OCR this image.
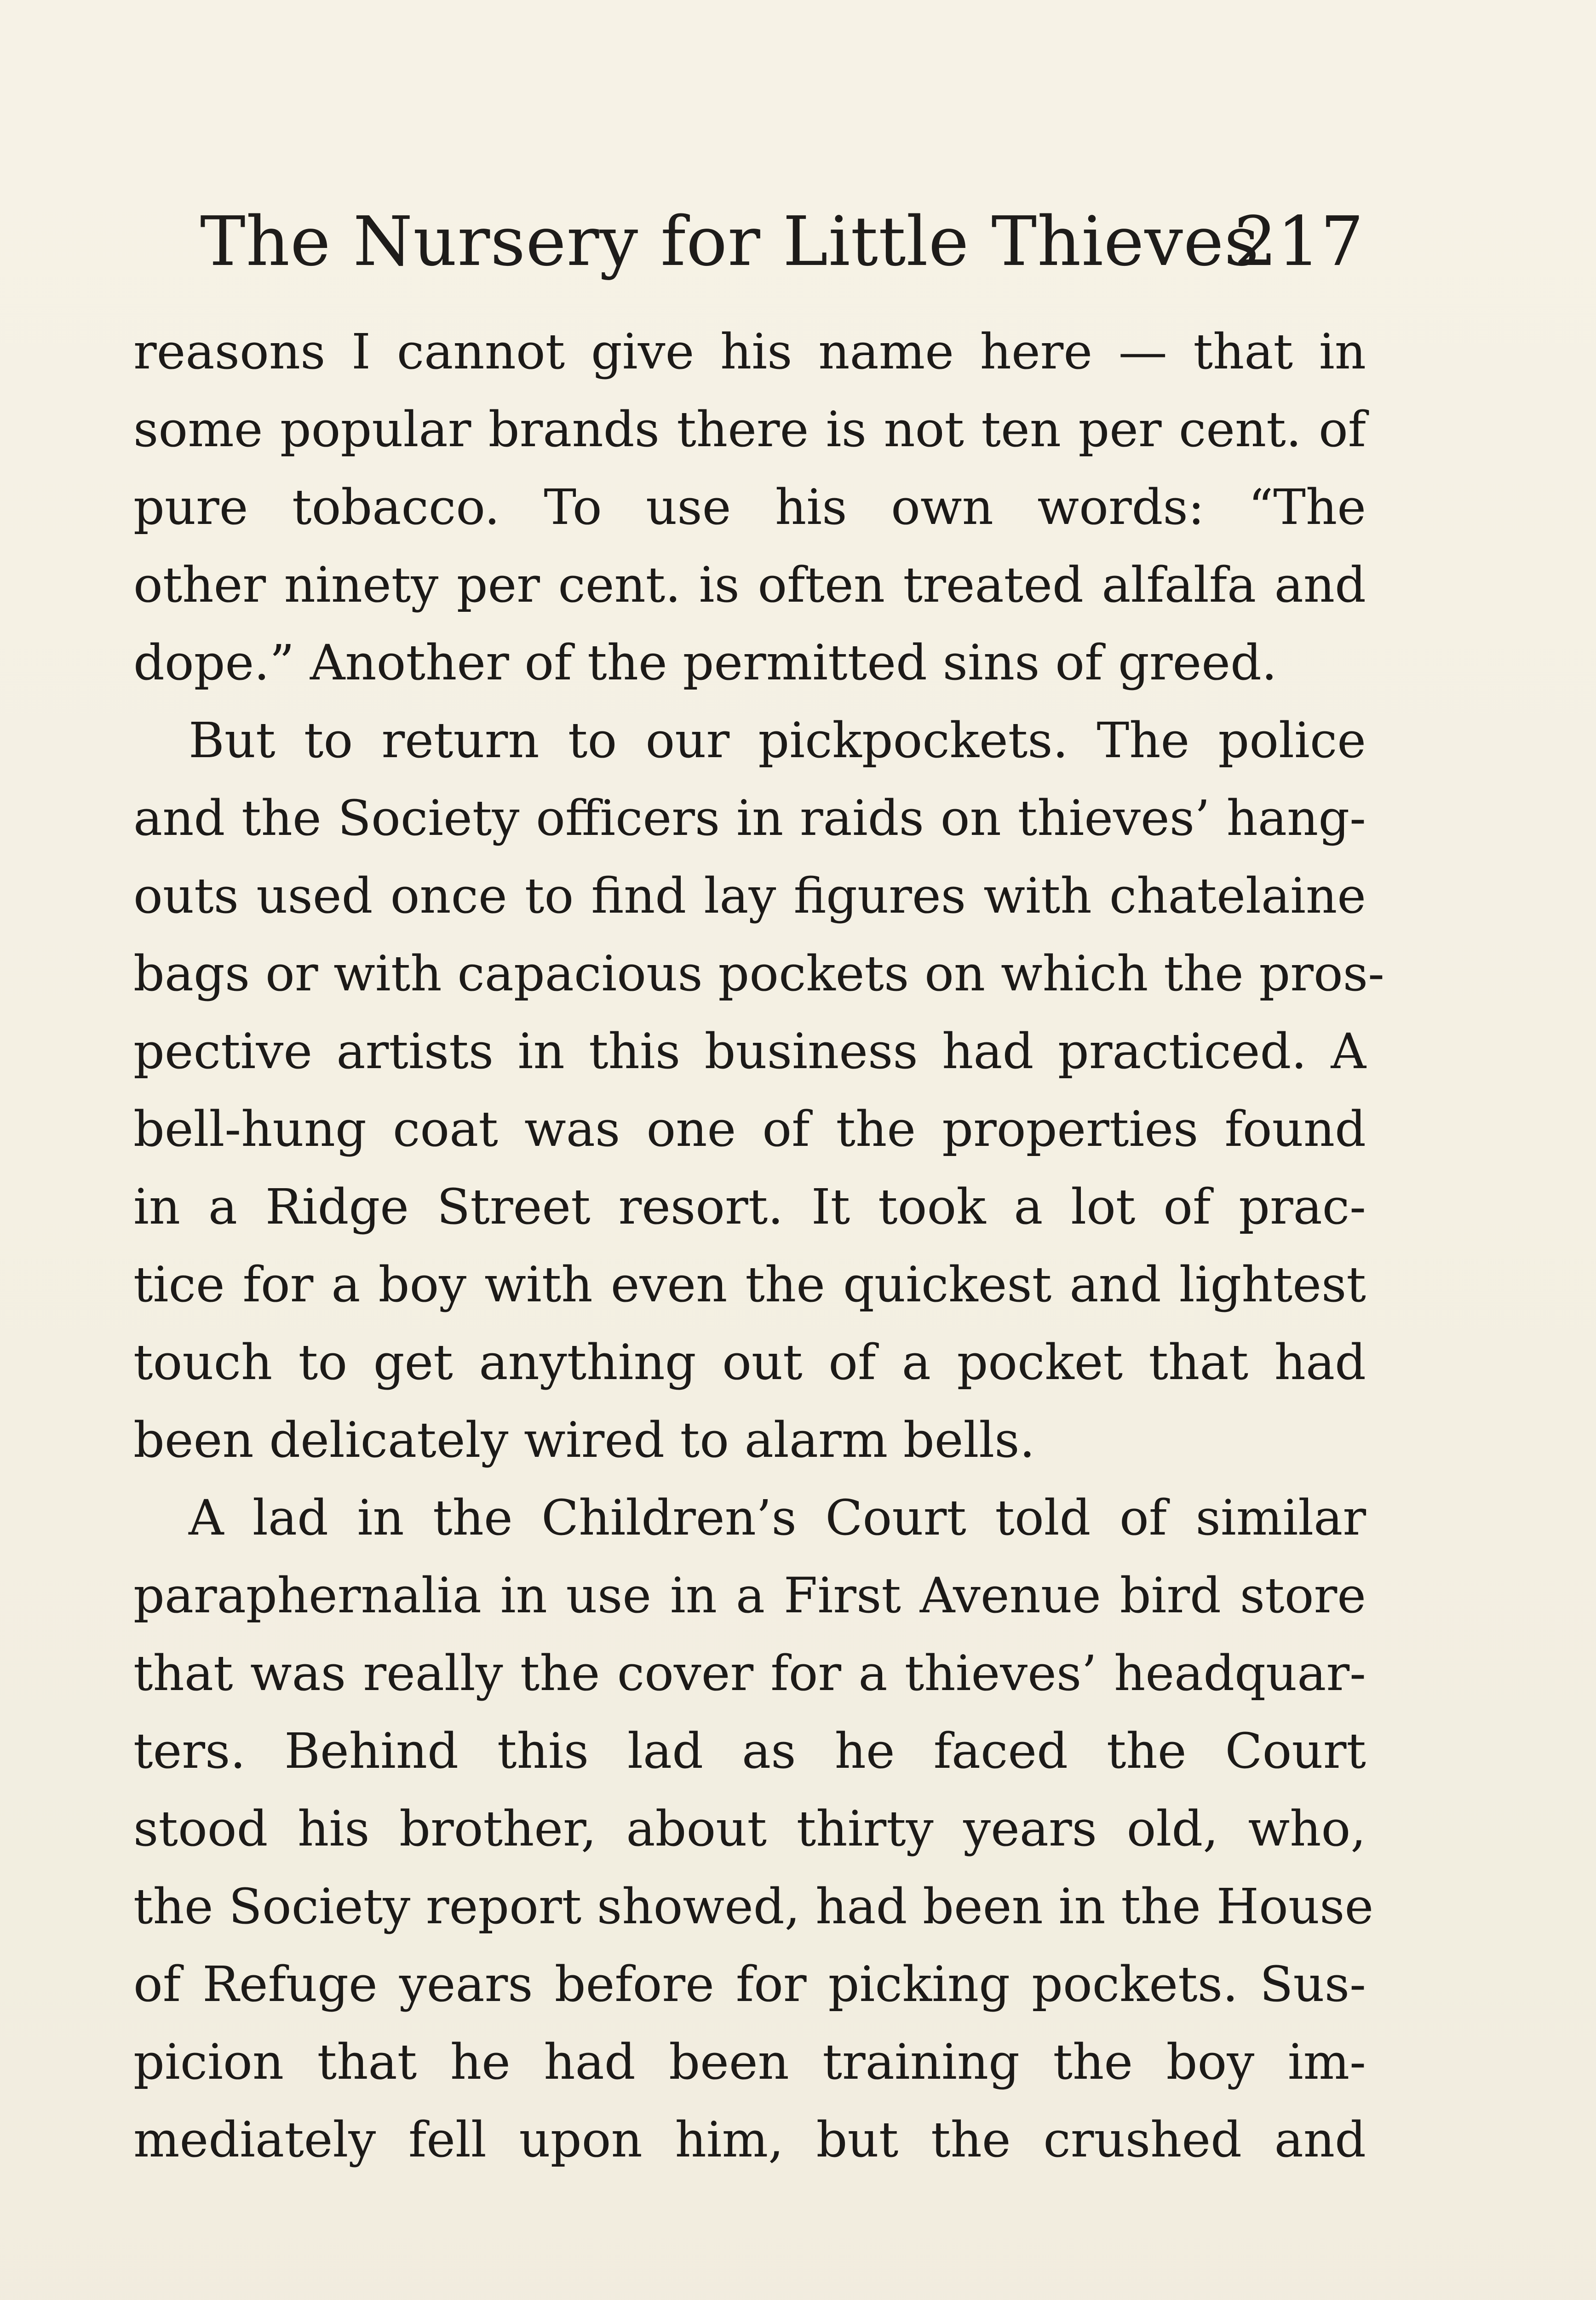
The Nursery for Little Thieves
217
reasons I cannot give his name here — that in
some popular brands there is not ten per cent. of
pure tobacco. To use his own words: “The
other ninety per cent. is often treated alfalfa and
dope.” Another of the permitted sins of greed.
But to return to our pickpockets. The police
and the Society officers in raids on thieves’ hang-
outs used once to find lay figures with chatelaine
bags or with capacious pockets on which the pros-
pective artists in this business had practiced. A
bell-hung coat was one of the properties found
in a Ridge Street resort. It took a lot of prac-
tice for a boy with even the quickest and lightest
touch to get anything out of a pocket that had
been delicately wired to alarm bells.
A lad in the Children’s Court told of similar
paraphernalia in use in a First Avenue bird store
that was really the cover for a thieves’ headquar-
ters. Behind this lad as he faced the Court
stood his brother, about thirty years old, who,
the Society report showed, had been in the House
of Refuge years before for picking pockets. Sus-
picion that he had been training the boy im-
mediately fell upon him, but the crushed and
